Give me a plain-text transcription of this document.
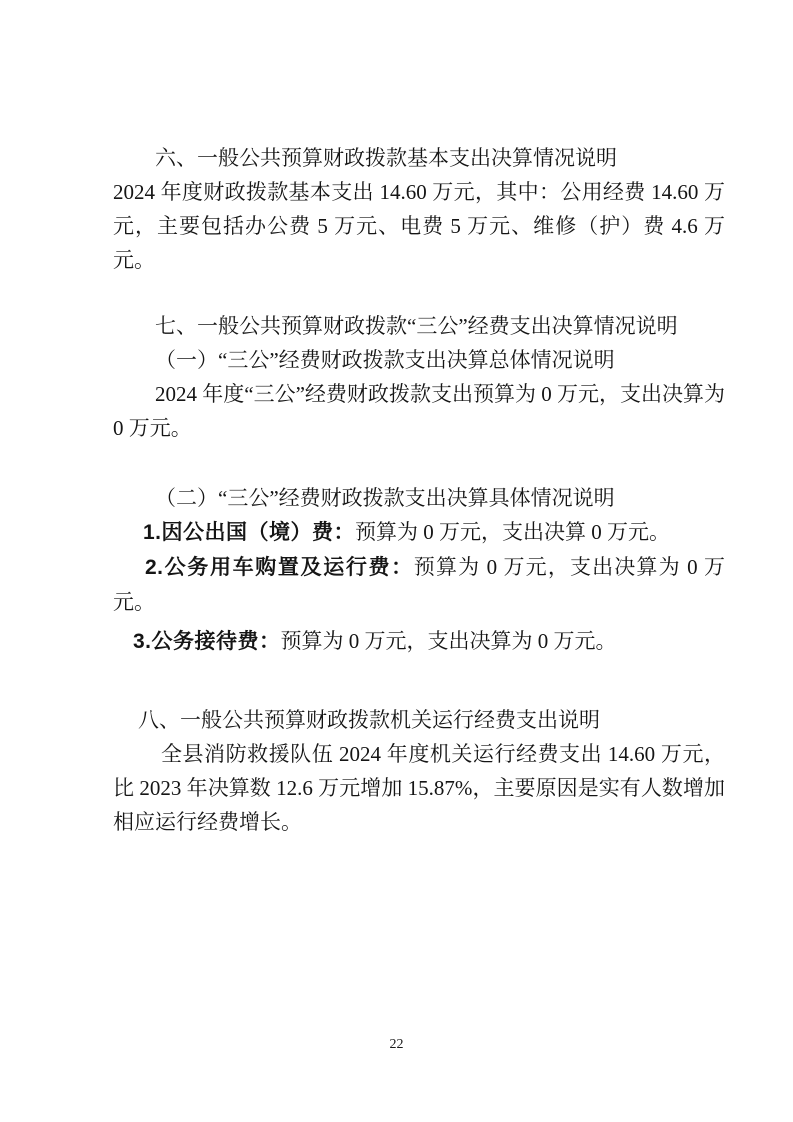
六、一般公共预算财政拨款基本支出决算情况说明

2024 年度财政拨款基本支出 14.60 万元，其中：公用经费 14.60 万元，主要包括办公费 5 万元、电费 5 万元、维修（护）费 4.6 万元。

七、一般公共预算财政拨款“三公”经费支出决算情况说明

（一）“三公”经费财政拨款支出决算总体情况说明

2024 年度“三公”经费财政拨款支出预算为 0 万元，支出决算为 0 万元。

（二）“三公”经费财政拨款支出决算具体情况说明

1.因公出国（境）费：预算为 0 万元，支出决算 0 万元。

2.公务用车购置及运行费：预算为 0 万元，支出决算为 0 万元。

3.公务接待费：预算为 0 万元，支出决算为 0 万元。

八、一般公共预算财政拨款机关运行经费支出说明

全县消防救援队伍 2024 年度机关运行经费支出 14.60 万元，比 2023 年决算数 12.6 万元增加 15.87%，主要原因是实有人数增加相应运行经费增长。

22
